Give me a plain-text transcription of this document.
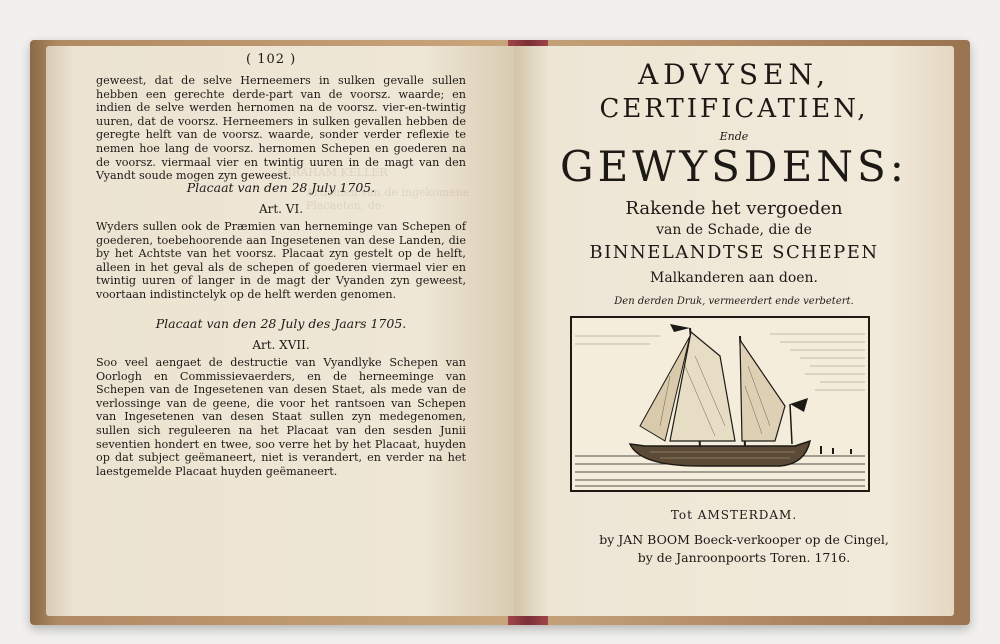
( 102 )
geweest, dat de selve Herneemers in sulken gevalle sullen hebben een gerechte derde-part van de voorsz. waarde; en indien de selve werden hernomen na de voorsz. vier-en-twintig uuren, dat de voorsz. Herneemers in sulken gevallen hebben de geregte helft van de voorsz. waarde, sonder verder reflexie te nemen hoe lang de voorsz. hernomen Schepen en goederen na de voorsz. viermaal vier en twintig uuren in de magt van den Vyandt soude mogen zyn geweest.
ABRAHAM KELLER
Articulen van de ingekomene Placaeten, de-
Placaat van den 28 July 1705.
Art. VI.
Wyders sullen ook de Præmien van herneminge van Schepen of goederen, toebehoorende aan Ingesetenen van dese Landen, die by het Achtste van het voorsz. Placaat zyn gestelt op de helft, alleen in het geval als de schepen of goederen viermael vier en twintig uuren of langer in de magt der Vyanden zyn geweest, voortaan indistinctelyk op de helft werden genomen.
Placaat van den 28 July des Jaars 1705.
Art. XVII.
Soo veel aengaet de destructie van Vyandlyke Schepen van Oorlogh en Commissievaerders, en de herneeminge van Schepen van de Ingesetenen van desen Staet, als mede van de verlossinge van de geene, die voor het rantsoen van Schepen van Ingesetenen van desen Staat sullen zyn medegenomen, sullen sich reguleeren na het Placaat van den sesden Junii seventien hondert en twee, soo verre het by het Placaat, huyden op dat subject geëmaneert, niet is verandert, en verder na het laestgemelde Placaat huyden geëmaneert.
ADVYSEN,
CERTIFICATIEN,
Ende
GEWYSDENS:
Rakende het vergoeden
van de Schade, die de
BINNELANDTSE SCHEPEN
Malkanderen aan doen.
Den derden Druk, vermeerdert ende verbetert.
Tot AMSTERDAM.
by JAN BOOM Boeck-verkooper op de Cingel,
by de Janroonpoorts Toren. 1716.
